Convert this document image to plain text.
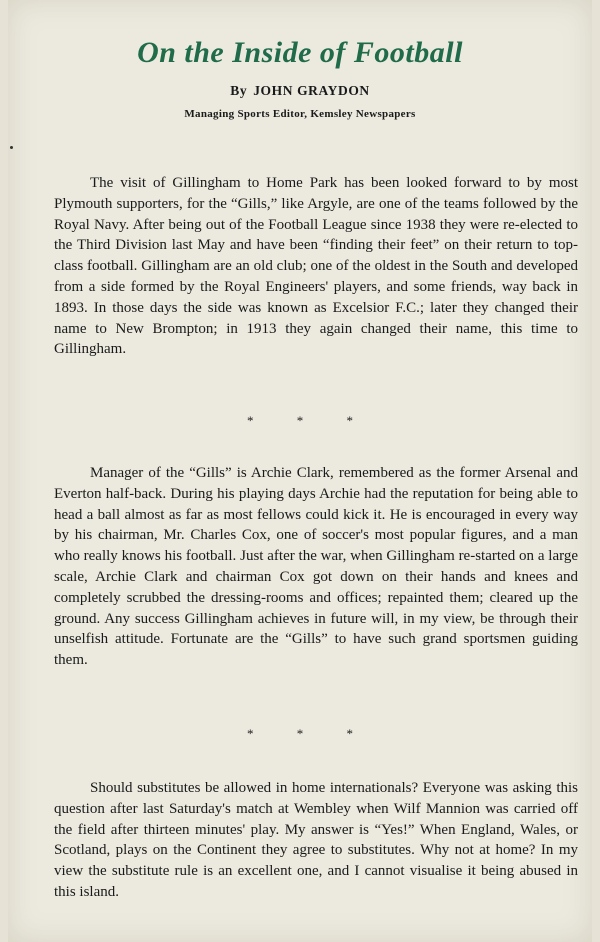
On the Inside of Football
By JOHN GRAYDON
Managing Sports Editor, Kemsley Newspapers

The visit of Gillingham to Home Park has been looked forward to by most Plymouth supporters, for the “Gills,” like Argyle, are one of the teams followed by the Royal Navy. After being out of the Football League since 1938 they were re-elected to the Third Division last May and have been “finding their feet” on their return to top-class football. Gillingham are an old club; one of the oldest in the South and developed from a side formed by the Royal Engineers' players, and some friends, way back in 1893. In those days the side was known as Excelsior F.C.; later they changed their name to New Brompton; in 1913 they again changed their name, this time to Gillingham.

* * *

Manager of the “Gills” is Archie Clark, remembered as the former Arsenal and Everton half-back. During his playing days Archie had the reputation for being able to head a ball almost as far as most fellows could kick it. He is encouraged in every way by his chairman, Mr. Charles Cox, one of soccer's most popular figures, and a man who really knows his football. Just after the war, when Gillingham re-started on a large scale, Archie Clark and chairman Cox got down on their hands and knees and completely scrubbed the dressing-rooms and offices; repainted them; cleared up the ground. Any success Gillingham achieves in future will, in my view, be through their unselfish attitude. Fortunate are the “Gills” to have such grand sportsmen guiding them.

* * *

Should substitutes be allowed in home internationals? Everyone was asking this question after last Saturday's match at Wembley when Wilf Mannion was carried off the field after thirteen minutes' play. My answer is “Yes!” When England, Wales, or Scotland, plays on the Continent they agree to substitutes. Why not at home? In my view the substitute rule is an excellent one, and I cannot visualise it being abused in this island.
